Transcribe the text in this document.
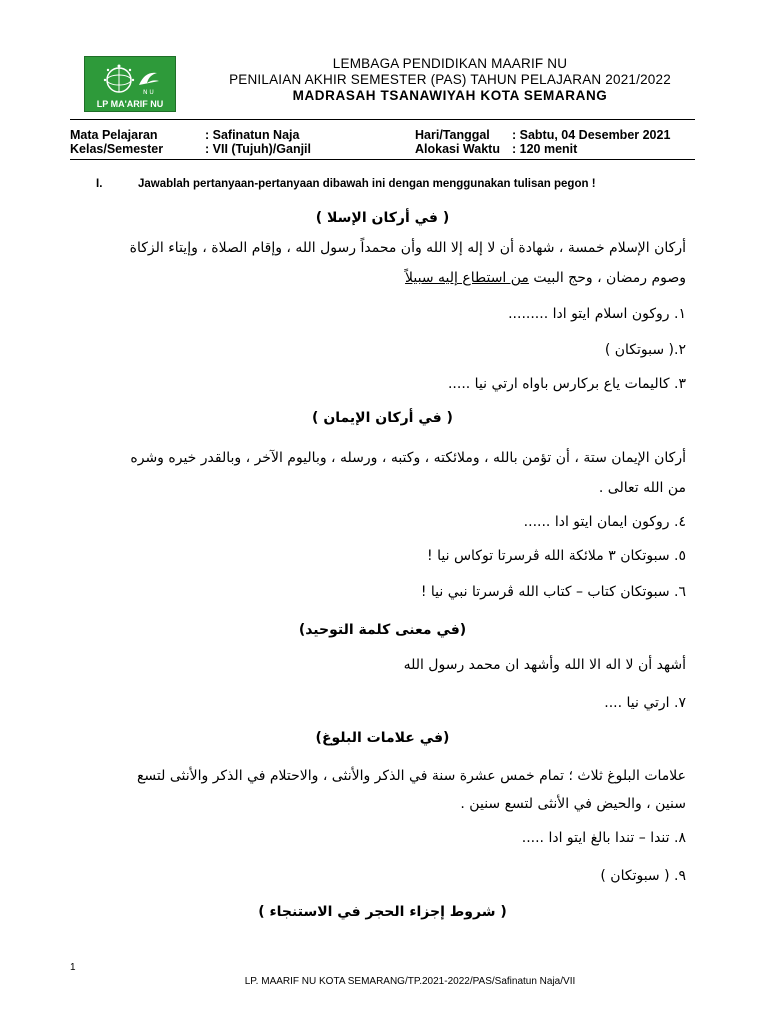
N U
LP MA'ARIF NU
LEMBAGA PENDIDIKAN MAARIF NU
PENILAIAN AKHIR SEMESTER (PAS) TAHUN PELAJARAN 2021/2022
MADRASAH TSANAWIYAH KOTA SEMARANG
Mata Pelajaran	: Safinatun Naja	Hari/Tanggal : Sabtu, 04 Desember 2021
Kelas/Semester	: VII (Tujuh)/Ganjil	Alokasi Waktu : 120 menit
I.	Jawablah pertanyaan-pertanyaan dibawah ini dengan menggunakan tulisan pegon !
( في أركان الإسلا )
أركان الإسلام خمسة ، شهادة أن لا إله إلا الله وأن محمداً رسول الله ، وإقام الصلاة ، وإيتاء الزكاة
وصوم رمضان ، وحج البيت من استطاع إليه سبيلاً
١. روكون اسلام ايتو ادا .........
٢.( سبوتكان )
٣. كاليمات ياع بركارس باواه ارتي نيا .....
( في أركان الإيمان )
أركان الإيمان ستة ، أن تؤمن بالله ، وملائكته ، وكتبه ، ورسله ، وباليوم الآخر ، وبالقدر خيره وشره
من الله تعالى .
٤. روكون ايمان ايتو ادا ......
٥. سبوتكان ٣ ملائكة الله ڤرسرتا توكاس نيا !
٦. سبوتكان كتاب – كتاب الله ڤرسرتا نبي نيا !
(في معنى كلمة التوحيد)
أشهد أن لا اله الا الله وأشهد ان محمد رسول الله
٧. ارتي نيا ....
(في علامات البلوغ)
علامات البلوغ ثلاث ؛ تمام خمس عشرة سنة في الذكر والأنثى ، والاحتلام في الذكر والأنثى لتسع
سنين ، والحيض في الأنثى لتسع سنين .
٨. تندا – تندا بالغ ايتو ادا .....
٩. ( سبوتكان )
( شروط إجزاء الحجر في الاستنجاء )
1
LP. MAARIF NU KOTA SEMARANG/TP.2021-2022/PAS/Safinatun Naja/VII
